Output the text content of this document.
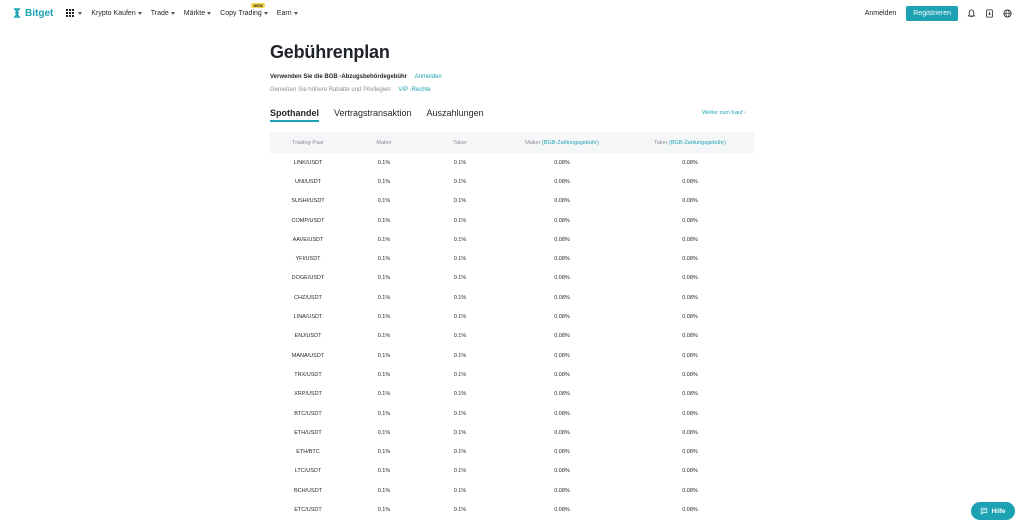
Bitget	Krypto Kaufen Trade Märkte Copy Trading
NEW
Earn	Anmelden	Registrieren
Gebührenplan
Verwenden Sie die BGB -Abzugsbehördegebühr Anmelden
Genießen Sie höhere Rabatte und Privilegien VIP -Rechte
Spothandel Vertragstransaktion Auszahlungen	Weiter zum Kauf ›
Trading-Paar	Maker	Taker	Maker (BGB-Zahlungsgebühr)	Taker (BGB-Zahlungsgebühr)
LINK/USDT	0.1%	0.1%	0.08%	0.08%
UNI/USDT	0.1%	0.1%	0.08%	0.08%
SUSHI/USDT	0.1%	0.1%	0.08%	0.08%
COMP/USDT	0.1%	0.1%	0.08%	0.08%
AAVE/USDT	0.1%	0.1%	0.08%	0.08%
YFI/USDT	0.1%	0.1%	0.08%	0.08%
DOGE/USDT	0.1%	0.1%	0.08%	0.08%
CHZ/USDT	0.1%	0.1%	0.08%	0.08%
LINA/USDT	0.1%	0.1%	0.08%	0.08%
ENJ/USDT	0.1%	0.1%	0.08%	0.08%
MANA/USDT	0.1%	0.1%	0.08%	0.08%
TRX/USDT	0.1%	0.1%	0.08%	0.08%
XRP/USDT	0.1%	0.1%	0.08%	0.08%
BTC/USDT	0.1%	0.1%	0.08%	0.08%
ETH/USDT	0.1%	0.1%	0.08%	0.08%
ETH/BTC	0.1%	0.1%	0.08%	0.08%
LTC/USDT	0.1%	0.1%	0.08%	0.08%
BCH/USDT	0.1%	0.1%	0.08%	0.08%
ETC/USDT	0.1%	0.1%	0.08%	0.08%	Hilfe
